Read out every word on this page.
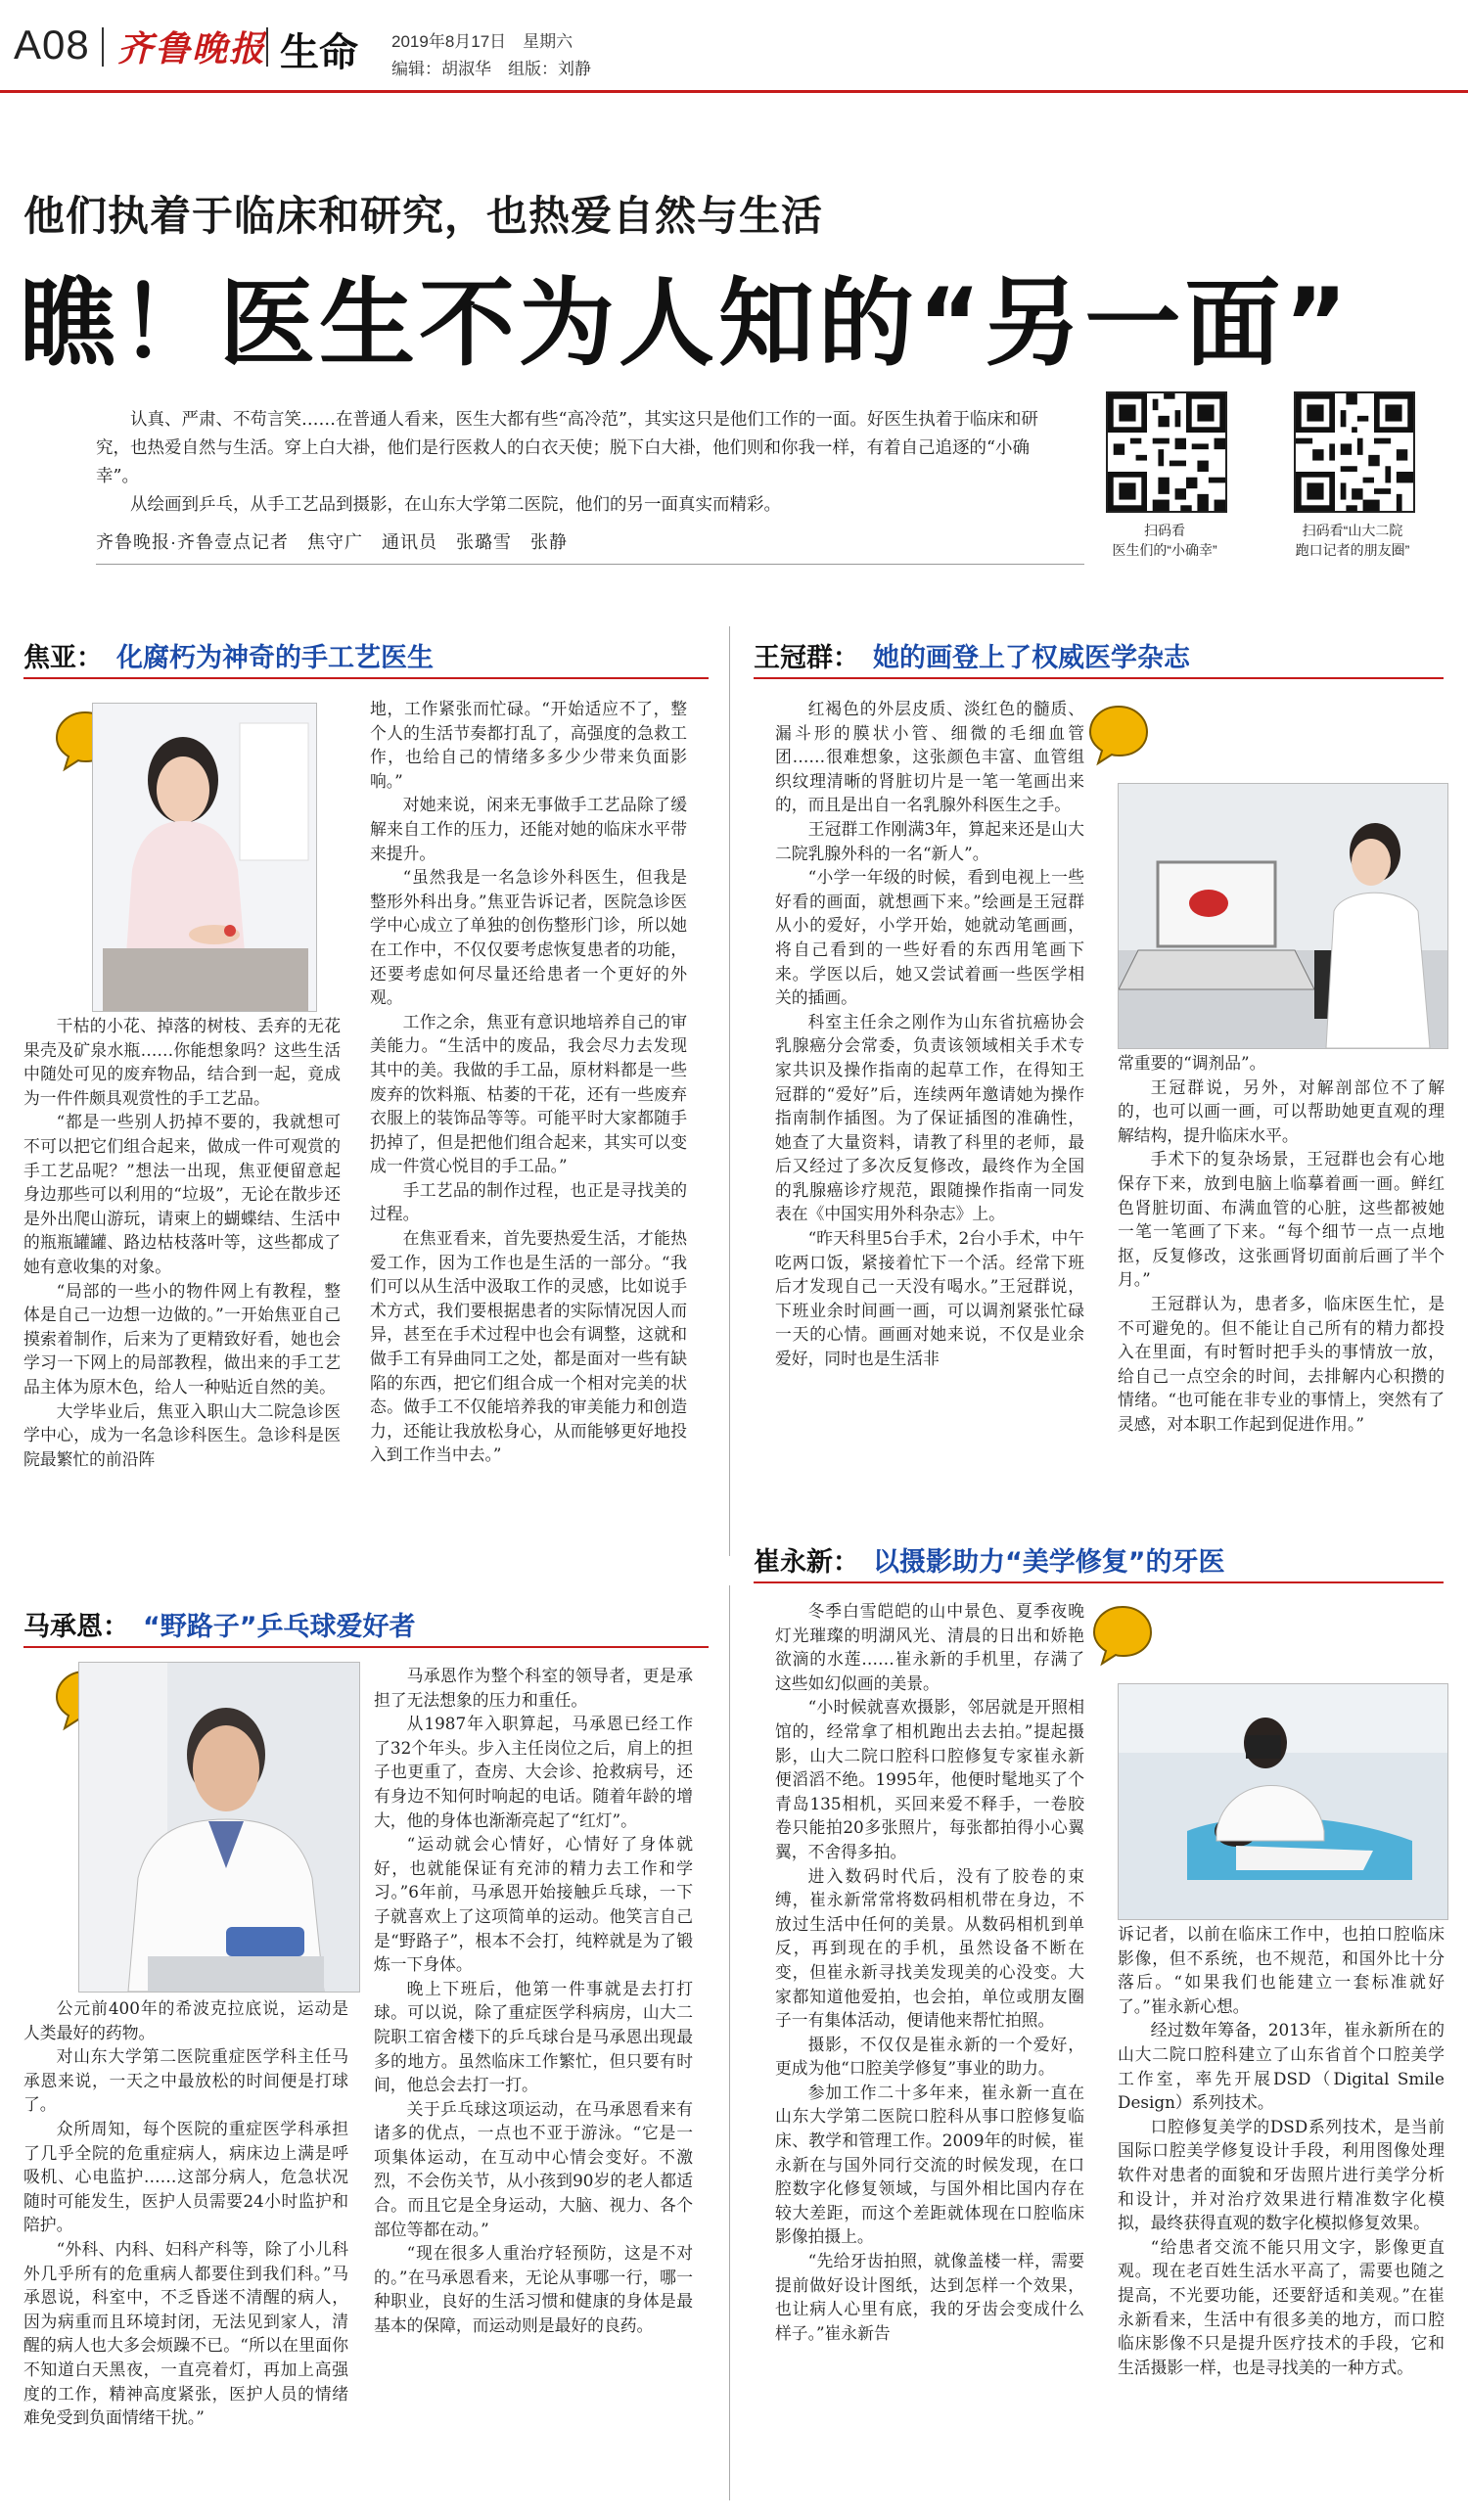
A08 齐鲁晚报 生命 2019年8月17日　星期六
编辑：胡淑华　组版：刘静
他们执着于临床和研究，也热爱自然与生活
瞧！医生不为人知的“另一面”

认真、严肃、不苟言笑……在普通人看来，医生大都有些“高冷范”，其实这只是他们工作的一面。好医生执着于临床和研究，也热爱自然与生活。穿上白大褂，他们是行医救人的白衣天使；脱下白大褂，他们则和你我一样，有着自己追逐的“小确幸”。

从绘画到乒乓，从手工艺品到摄影，在山东大学第二医院，他们的另一面真实而精彩。

齐鲁晚报·齐鲁壹点记者　焦守广　通讯员　张璐雪　张静
扫码看
医生们的“小确幸”
扫码看“山大二院
跑口记者的朋友圈”
焦亚： 化腐朽为神奇的手工艺医生

干枯的小花、掉落的树枝、丢弃的无花果壳及矿泉水瓶……你能想象吗？这些生活中随处可见的废弃物品，结合到一起，竟成为一件件颇具观赏性的手工艺品。

“都是一些别人扔掉不要的，我就想可不可以把它们组合起来，做成一件可观赏的手工艺品呢？”想法一出现，焦亚便留意起身边那些可以利用的“垃圾”，无论在散步还是外出爬山游玩，请柬上的蝴蝶结、生活中的瓶瓶罐罐、路边枯枝落叶等，这些都成了她有意收集的对象。

“局部的一些小的物件网上有教程，整体是自己一边想一边做的。”一开始焦亚自己摸索着制作，后来为了更精致好看，她也会学习一下网上的局部教程，做出来的手工艺品主体为原木色，给人一种贴近自然的美。

大学毕业后，焦亚入职山大二院急诊医学中心，成为一名急诊科医生。急诊科是医院最繁忙的前沿阵

地，工作紧张而忙碌。“开始适应不了，整个人的生活节奏都打乱了，高强度的急救工作，也给自己的情绪多多少少带来负面影响。”

对她来说，闲来无事做手工艺品除了缓解来自工作的压力，还能对她的临床水平带来提升。

“虽然我是一名急诊外科医生，但我是整形外科出身。”焦亚告诉记者，医院急诊医学中心成立了单独的创伤整形门诊，所以她在工作中，不仅仅要考虑恢复患者的功能，还要考虑如何尽量还给患者一个更好的外观。

工作之余，焦亚有意识地培养自己的审美能力。“生活中的废品，我会尽力去发现其中的美。我做的手工品，原材料都是一些废弃的饮料瓶、枯萎的干花，还有一些废弃衣服上的装饰品等等。可能平时大家都随手扔掉了，但是把他们组合起来，其实可以变成一件赏心悦目的手工品。”

手工艺品的制作过程，也正是寻找美的过程。

在焦亚看来，首先要热爱生活，才能热爱工作，因为工作也是生活的一部分。“我们可以从生活中汲取工作的灵感，比如说手术方式，我们要根据患者的实际情况因人而异，甚至在手术过程中也会有调整，这就和做手工有异曲同工之处，都是面对一些有缺陷的东西，把它们组合成一个相对完美的状态。做手工不仅能培养我的审美能力和创造力，还能让我放松身心，从而能够更好地投入到工作当中去。”

王冠群： 她的画登上了权威医学杂志

红褐色的外层皮质、淡红色的髓质、漏斗形的膜状小管、细微的毛细血管团……很难想象，这张颜色丰富、血管组织纹理清晰的肾脏切片是一笔一笔画出来的，而且是出自一名乳腺外科医生之手。

王冠群工作刚满3年，算起来还是山大二院乳腺外科的一名“新人”。

“小学一年级的时候，看到电视上一些好看的画面，就想画下来。”绘画是王冠群从小的爱好，小学开始，她就动笔画画，将自己看到的一些好看的东西用笔画下来。学医以后，她又尝试着画一些医学相关的插画。

科室主任余之刚作为山东省抗癌协会乳腺癌分会常委，负责该领域相关手术专家共识及操作指南的起草工作，在得知王冠群的“爱好”后，连续两年邀请她为操作指南制作插图。为了保证插图的准确性，她查了大量资料，请教了科里的老师，最后又经过了多次反复修改，最终作为全国的乳腺癌诊疗规范，跟随操作指南一同发表在《中国实用外科杂志》上。

“昨天科里5台手术，2台小手术，中午吃两口饭，紧接着忙下一个活。经常下班后才发现自己一天没有喝水。”王冠群说，下班业余时间画一画，可以调剂紧张忙碌一天的心情。画画对她来说，不仅是业余爱好，同时也是生活非

常重要的“调剂品”。

王冠群说，另外，对解剖部位不了解的，也可以画一画，可以帮助她更直观的理解结构，提升临床水平。

手术下的复杂场景，王冠群也会有心地保存下来，放到电脑上临摹着画一画。鲜红色肾脏切面、布满血管的心脏，这些都被她一笔一笔画了下来。“每个细节一点一点地抠，反复修改，这张画肾切面前后画了半个月。”

王冠群认为，患者多，临床医生忙，是不可避免的。但不能让自己所有的精力都投入在里面，有时暂时把手头的事情放一放，给自己一点空余的时间，去排解内心积攒的情绪。“也可能在非专业的事情上，突然有了灵感，对本职工作起到促进作用。”

马承恩： “野路子”乒乓球爱好者

公元前400年的希波克拉底说，运动是人类最好的药物。

对山东大学第二医院重症医学科主任马承恩来说，一天之中最放松的时间便是打球了。

众所周知，每个医院的重症医学科承担了几乎全院的危重症病人，病床边上满是呼吸机、心电监护……这部分病人，危急状况随时可能发生，医护人员需要24小时监护和陪护。

“外科、内科、妇科产科等，除了小儿科外几乎所有的危重病人都要住到我们科。”马承恩说，科室中，不乏昏迷不清醒的病人，因为病重而且环境封闭，无法见到家人，清醒的病人也大多会烦躁不已。“所以在里面你不知道白天黑夜，一直亮着灯，再加上高强度的工作，精神高度紧张，医护人员的情绪难免受到负面情绪干扰。”

马承恩作为整个科室的领导者，更是承担了无法想象的压力和重任。

从1987年入职算起，马承恩已经工作了32个年头。步入主任岗位之后，肩上的担子也更重了，查房、大会诊、抢救病号，还有身边不知何时响起的电话。随着年龄的增大，他的身体也渐渐亮起了“红灯”。

“运动就会心情好，心情好了身体就好，也就能保证有充沛的精力去工作和学习。”6年前，马承恩开始接触乒乓球，一下子就喜欢上了这项简单的运动。他笑言自己是“野路子”，根本不会打，纯粹就是为了锻炼一下身体。

晚上下班后，他第一件事就是去打打球。可以说，除了重症医学科病房，山大二院职工宿舍楼下的乒乓球台是马承恩出现最多的地方。虽然临床工作繁忙，但只要有时间，他总会去打一打。

关于乒乓球这项运动，在马承恩看来有诸多的优点，一点也不亚于游泳。“它是一项集体运动，在互动中心情会变好。不激烈，不会伤关节，从小孩到90岁的老人都适合。而且它是全身运动，大脑、视力、各个部位等都在动。”

“现在很多人重治疗轻预防，这是不对的。”在马承恩看来，无论从事哪一行，哪一种职业，良好的生活习惯和健康的身体是最基本的保障，而运动则是最好的良药。

崔永新： 以摄影助力“美学修复”的牙医

冬季白雪皑皑的山中景色、夏季夜晚灯光璀璨的明湖风光、清晨的日出和娇艳欲滴的水莲……崔永新的手机里，存满了这些如幻似画的美景。

“小时候就喜欢摄影，邻居就是开照相馆的，经常拿了相机跑出去去拍。”提起摄影，山大二院口腔科口腔修复专家崔永新便滔滔不绝。1995年，他便时髦地买了个青岛135相机，买回来爱不释手，一卷胶卷只能拍20多张照片，每张都拍得小心翼翼，不舍得多拍。

进入数码时代后，没有了胶卷的束缚，崔永新常常将数码相机带在身边，不放过生活中任何的美景。从数码相机到单反，再到现在的手机，虽然设备不断在变，但崔永新寻找美发现美的心没变。大家都知道他爱拍，也会拍，单位或朋友圈子一有集体活动，便请他来帮忙拍照。

摄影，不仅仅是崔永新的一个爱好，更成为他“口腔美学修复”事业的助力。

参加工作二十多年来，崔永新一直在山东大学第二医院口腔科从事口腔修复临床、教学和管理工作。2009年的时候，崔永新在与国外同行交流的时候发现，在口腔数字化修复领域，与国外相比国内存在较大差距，而这个差距就体现在口腔临床影像拍摄上。

“先给牙齿拍照，就像盖楼一样，需要提前做好设计图纸，达到怎样一个效果，也让病人心里有底，我的牙齿会变成什么样子。”崔永新告

诉记者，以前在临床工作中，也拍口腔临床影像，但不系统，也不规范，和国外比十分落后。“如果我们也能建立一套标准就好了。”崔永新心想。

经过数年筹备，2013年，崔永新所在的山大二院口腔科建立了山东省首个口腔美学工作室，率先开展DSD（Digital Smile Design）系列技术。

口腔修复美学的DSD系列技术，是当前国际口腔美学修复设计手段，利用图像处理软件对患者的面貌和牙齿照片进行美学分析和设计，并对治疗效果进行精准数字化模拟，最终获得直观的数字化模拟修复效果。

“给患者交流不能只用文字，影像更直观。现在老百姓生活水平高了，需要也随之提高，不光要功能，还要舒适和美观。”在崔永新看来，生活中有很多美的地方，而口腔临床影像不只是提升医疗技术的手段，它和生活摄影一样，也是寻找美的一种方式。
